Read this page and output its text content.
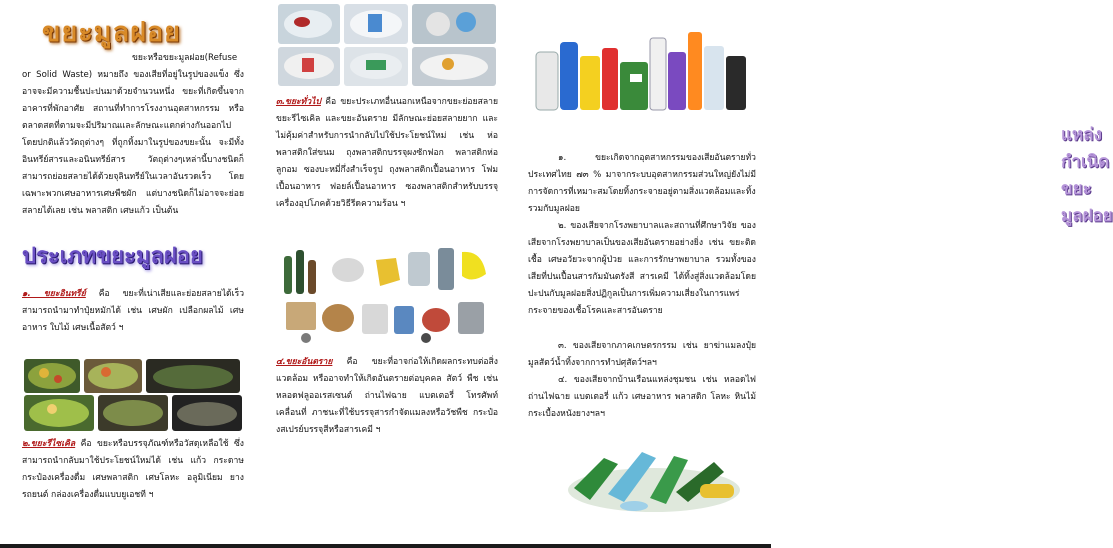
ขยะมูลฝอย

ขยะหรือขยะมูลฝอย(Refuse or Solid Waste) หมายถึง ของเสียที่อยู่ในรูปของแข็ง ซึ่งอาจจะมีความชื้นปะปนมาด้วยจำนวนหนึ่ง ขยะที่เกิดขึ้นจากอาคารที่พักอาศัย สถานที่ทำการโรงงานอุตสาหกรรม หรือตลาดสดที่ตามจะมีปริมาณและลักษณะแตกต่างกันออกไป โดยปกติแล้ววัตถุต่างๆ ที่ถูกทิ้งมาในรูปของขยะนั้น จะมีทั้งอินทรีย์สารและอนินทรีย์สาร วัตถุต่างๆเหล่านี้บางชนิดก็สามารถย่อยสลายได้ด้วยจุลินทรีย์ในเวลาอันรวดเร็ว โดยเฉพาะพวกเศษอาหารเศษพืชผัก แต่บางชนิดก็ไม่อาจจะย่อยสลายได้เลย เช่น พลาสติก เศษแก้ว เป็นต้น

ประเภทขยะมูลฝอย

๑. ขยะอินทรีย์ คือ ขยะที่เน่าเสียและย่อยสลายได้เร็ว สามารถนำมาทำปุ๋ยหมักได้ เช่น เศษผัก เปลือกผลไม้ เศษอาหาร ใบไม้ เศษเนื้อสัตว์ ฯ

๒.ขยะรีไซเคิล คือ ขยะหรือบรรจุภัณฑ์หรือวัสดุเหลือใช้ ซึ่งสามารถนำกลับมาใช้ประโยชน์ใหม่ได้ เช่น แก้ว กระดาษ กระป๋องเครื่องดื่ม เศษพลาสติก เศษโลหะ อลูมิเนียม ยางรถยนต์ กล่องเครื่องดื่มแบบยูเอชที ฯ

๓.ขยะทั่วไป คือ ขยะประเภทอื่นนอกเหนือจากขยะย่อยสลาย ขยะรีไซเคิล และขยะอันตราย มีลักษณะย่อยสลายยาก และไม่คุ้มค่าสำหรับการนำกลับไปใช้ประโยชน์ใหม่ เช่น ห่อพลาสติกใส่ขนม ถุงพลาสติกบรรจุผงซักฟอก พลาสติกห่อลูกอม ซองบะหมี่กึ่งสำเร็จรูป ถุงพลาสติกเปื้อนอาหาร โฟมเปื้อนอาหาร ฟอยล์เปื้อนอาหาร ซองพลาสติกสำหรับบรรจุเครื่องอุปโภคด้วยวิธีรีดความร้อน ฯ

๔.ขยะอันตราย คือ ขยะที่อาจก่อให้เกิดผลกระทบต่อสิ่งแวดล้อม หรืออาจทำให้เกิดอันตรายต่อบุคคล สัตว์ พืช เช่น หลอดฟลูออเรสเซนต์ ถ่านไฟฉาย แบตเตอรี่ โทรศัพท์เคลื่อนที่ ภาชนะที่ใช้บรรจุสารกำจัดแมลงหรือวัชพืช กระป๋องสเปรย์บรรจุสีหรือสารเคมี ฯ

แหล่งกำเนิดขยะมูลฝอย

๑. ขยะเกิดจากอุตสาหกรรมของเสียอันตรายทั่วประเทศไทย ๗๓ % มาจากระบบอุตสาหกรรมส่วนใหญ่ยังไม่มีการจัดการที่เหมาะสมโดยทิ้งกระจายอยู่ตามสิ่งแวดล้อมและทิ้งรวมกับมูลฝอย

๒. ของเสียจากโรงพยาบาลและสถานที่ศึกษาวิจัย ของเสียจากโรงพยาบาลเป็นของเสียอันตรายอย่างยิ่ง เช่น ขยะติดเชื้อ เศษอวัยวะจากผู้ป่วย และการรักษาพยาบาล รวมทั้งของเสียที่ปนเปื้อนสารกัมมันตรังสี สารเคมี ได้ทิ้งสู่สิ่งแวดล้อมโดยปะปนกับมูลฝอยสิ่งปฏิกูลเป็นการเพิ่มความเสี่ยงในการแพร่กระจายของเชื้อโรคและสารอันตราย

๓. ของเสียจากภาคเกษตรกรรม เช่น ยาฆ่าแมลงปุ๋ยมูลสัตว์น้ำทิ้งจากการทำปศุสัตว์ฯลฯ

๔. ของเสียจากบ้านเรือนแหล่งชุมชน เช่น หลอดไฟ ถ่านไฟฉาย แบตเตอรี่ แก้ว เศษอาหาร พลาสติก โลหะ หินไม้ กระเบื้องหนังยางฯลฯ
